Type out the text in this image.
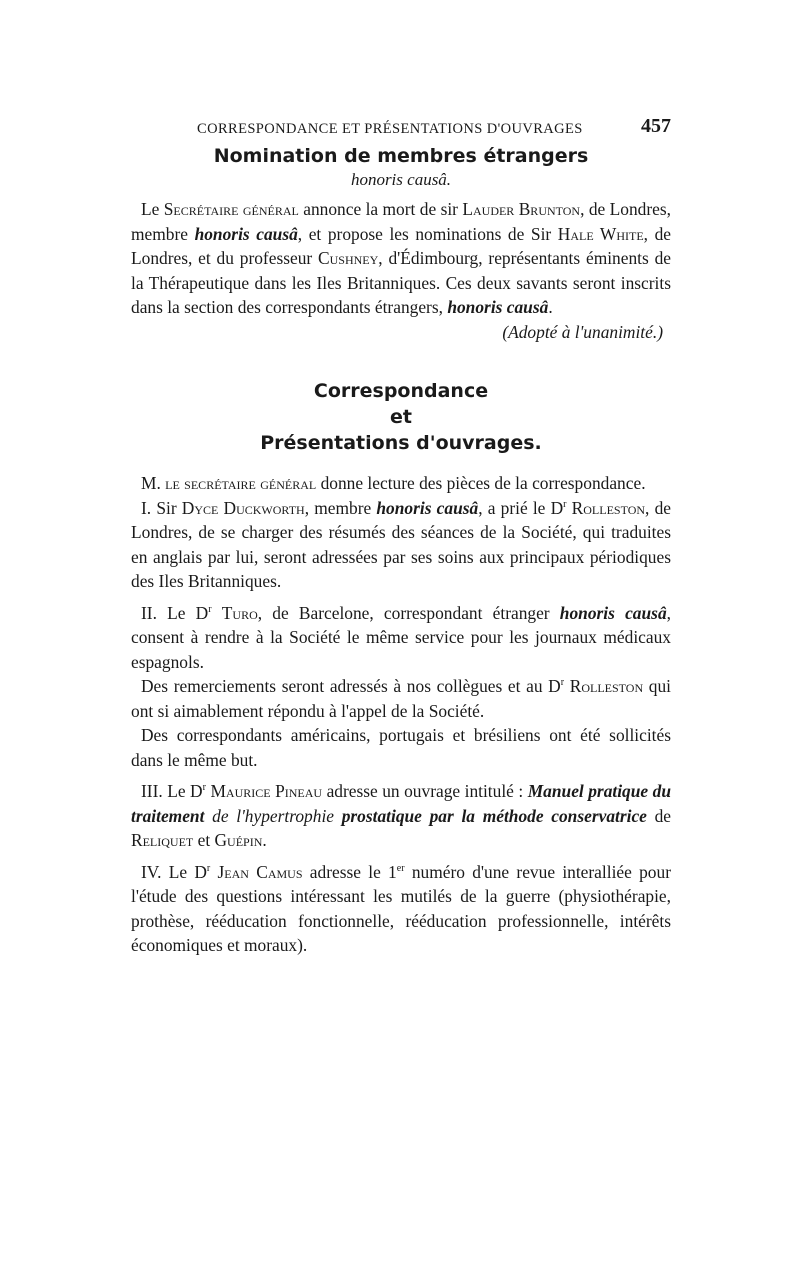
CORRESPONDANCE ET PRÉSENTATIONS D'OUVRAGES	457
Nomination de membres étrangers
honoris causâ.

Le Secrétaire général annonce la mort de sir Lauder Brunton, de Londres, membre honoris causâ, et propose les nominations de Sir Hale White, de Londres, et du professeur Cushney, d'Édimbourg, représentants éminents de la Thérapeutique dans les Iles Britanniques. Ces deux savants seront inscrits dans la section des correspondants étrangers, honoris causâ.

(Adopté à l'unanimité.)
Correspondance
et
Présentations d'ouvrages.

M. le secrétaire général donne lecture des pièces de la correspondance.

I. Sir Dyce Duckworth, membre honoris causâ, a prié le $D^r$ Rolleston, de Londres, de se charger des résumés des séances de la Société, qui traduites en anglais par lui, seront adressées par ses soins aux principaux périodiques des Iles Britanniques.

II. Le $D^r$ Turo, de Barcelone, correspondant étranger honoris causâ, consent à rendre à la Société le même service pour les journaux médicaux espagnols.

Des remerciements seront adressés à nos collègues et au $D^r$ Rolleston qui ont si aimablement répondu à l'appel de la Société.

Des correspondants américains, portugais et brésiliens ont été sollicités dans le même but.

III. Le $D^r$ Maurice Pineau adresse un ouvrage intitulé : Manuel pratique du traitement de l'hypertrophie prostatique par la méthode conservatrice de Reliquet et Guépin.

IV. Le $D^r$ Jean Camus adresse le 1er numéro d'une revue interalliée pour l'étude des questions intéressant les mutilés de la guerre (physiothérapie, prothèse, rééducation fonctionnelle, rééducation professionnelle, intérêts économiques et moraux).
